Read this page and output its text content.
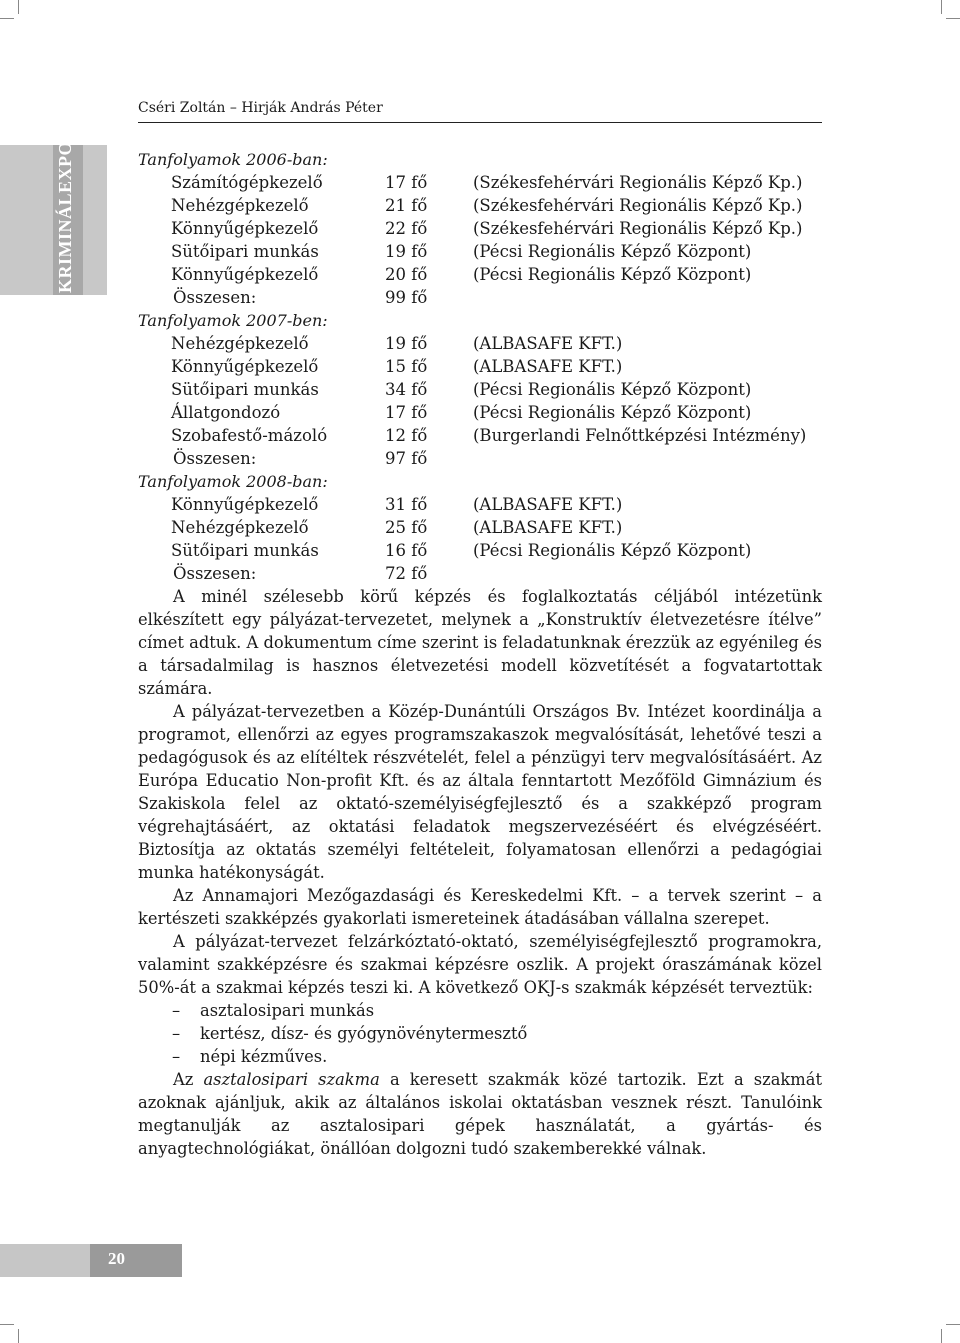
Cséri Zoltán – Hirják András Péter
KRIMINÁLEXPO	Tanfolyamok 2006-ban:
Számítógépkezelő	17 fő	(Székesfehérvári Regionális Képző Kp.)
Nehézgépkezelő	21 fő	(Székesfehérvári Regionális Képző Kp.)
Könnyűgépkezelő	22 fő	(Székesfehérvári Regionális Képző Kp.)
Sütőipari munkás	19 fő	(Pécsi Regionális Képző Központ)
Könnyűgépkezelő	20 fő	(Pécsi Regionális Képző Központ)
Összesen:	99 fő
Tanfolyamok 2007-ben:
Nehézgépkezelő	19 fő	(ALBASAFE KFT.)
Könnyűgépkezelő	15 fő	(ALBASAFE KFT.)
Sütőipari munkás	34 fő	(Pécsi Regionális Képző Központ)
Állatgondozó	17 fő	(Pécsi Regionális Képző Központ)
Szobafestő-mázoló	12 fő	(Burgerlandi Felnőttképzési Intézmény)
Összesen:	97 fő
Tanfolyamok 2008-ban:
Könnyűgépkezelő	31 fő	(ALBASAFE KFT.)
Nehézgépkezelő	25 fő	(ALBASAFE KFT.)
Sütőipari munkás	16 fő	(Pécsi Regionális Képző Központ)
Összesen:	72 fő

A minél szélesebb körű képzés és foglalkoztatás céljából intézetünk elkészített egy pályázat-tervezetet, melynek a „Konstruktív életvezetésre ítélve” címet adtuk. A dokumentum címe szerint is feladatunknak érezzük az egyénileg és a társadalmilag is hasznos életvezetési modell közvetítését a fogvatartottak számára.

A pályázat-tervezetben a Közép-Dunántúli Országos Bv. Intézet koordinálja a programot, ellenőrzi az egyes programszakaszok megvalósítását, lehetővé teszi a pedagógusok és az elítéltek részvételét, felel a pénzügyi terv megvalósításáért. Az Európa Educatio Non-profit Kft. és az általa fenntartott Mezőföld Gimnázium és Szakiskola felel az oktató-személyiségfejlesztő és a szakképző program végrehajtásáért, az oktatási feladatok megszervezéséért és elvégzéséért. Biztosítja az oktatás személyi feltételeit, folyamatosan ellenőrzi a pedagógiai munka hatékonyságát.

Az Annamajori Mezőgazdasági és Kereskedelmi Kft. – a tervek szerint – a kertészeti szakképzés gyakorlati ismereteinek átadásában vállalna szerepet.

A pályázat-tervezet felzárkóztató-oktató, személyiségfejlesztő programokra, valamint szakképzésre és szakmai képzésre oszlik. A projekt óraszámának közel 50%-át a szakmai képzés teszi ki. A következő OKJ-s szakmák képzését terveztük:

– asztalosipari munkás
– kertész, dísz- és gyógynövénytermesztő
– népi kézműves.

Az asztalosipari szakma a keresett szakmák közé tartozik. Ezt a szakmát azoknak ajánljuk, akik az általános iskolai oktatásban vesznek részt. Tanulóink megtanulják az asztalosipari gépek használatát, a gyártás- és anyagtechnológiákat, önállóan dolgozni tudó szakemberekké válnak.

20
